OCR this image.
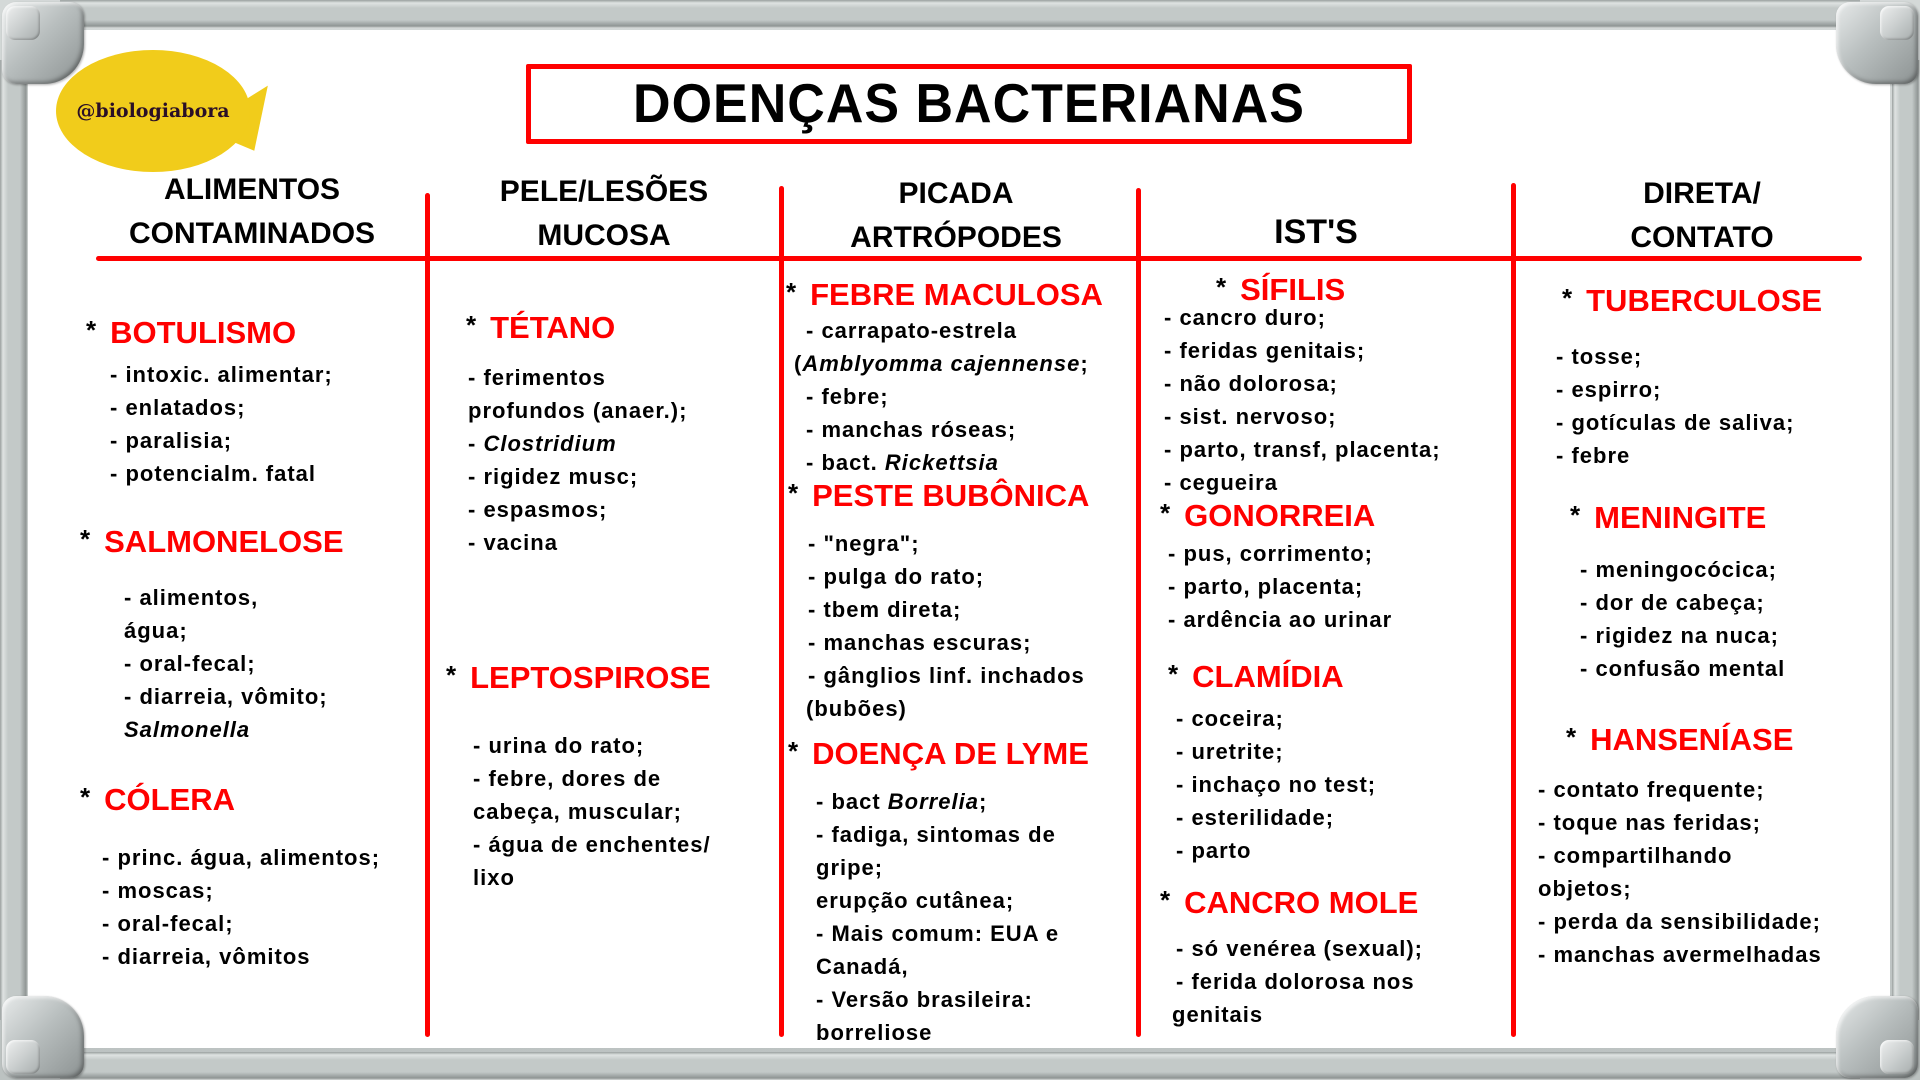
@biologiabora	DOENÇAS BACTERIANAS
ALIMENTOS
CONTAMINADOS
PELE/LESÕES
MUCOSA
PICADA
ARTRÓPODES	IST'S
DIRETA/
CONTATO
* BOTULISMO
- intoxic. alimentar;
- enlatados;
- paralisia;
- potencialm. fatal
* SALMONELOSE
- alimentos,
água;
- oral-fecal;
- diarreia, vômito;
Salmonella
* CÓLERA
- princ. água, alimentos;
- moscas;
- oral-fecal;
- diarreia, vômitos
* TÉTANO
- ferimentos
profundos (anaer.);
- Clostridium
- rigidez musc;
- espasmos;
- vacina
* LEPTOSPIROSE
- urina do rato;
- febre, dores de
cabeça, muscular;
- água de enchentes/
lixo
* FEBRE MACULOSA
- carrapato-estrela
(Amblyomma cajennense;
- febre;
- manchas róseas;
- bact. Rickettsia
* PESTE BUBÔNICA
- "negra";
- pulga do rato;
- tbem direta;
- manchas escuras;
- gânglios linf. inchados
(bubões)
* DOENÇA DE LYME
- bact Borrelia;
- fadiga, sintomas de
gripe;
erupção cutânea;
- Mais comum: EUA e
Canadá,
- Versão brasileira:
borreliose
* SÍFILIS
- cancro duro;
- feridas genitais;
- não dolorosa;
- sist. nervoso;
- parto, transf, placenta;
- cegueira
* GONORREIA
- pus, corrimento;
- parto, placenta;
- ardência ao urinar
* CLAMÍDIA
- coceira;
- uretrite;
- inchaço no test;
- esterilidade;
- parto
* CANCRO MOLE
- só venérea (sexual);
- ferida dolorosa nos
genitais
* TUBERCULOSE
- tosse;
- espirro;
- gotículas de saliva;
- febre
* MENINGITE
- meningocócica;
- dor de cabeça;
- rigidez na nuca;
- confusão mental
* HANSENÍASE
- contato frequente;
- toque nas feridas;
- compartilhando
objetos;
- perda da sensibilidade;
- manchas avermelhadas
